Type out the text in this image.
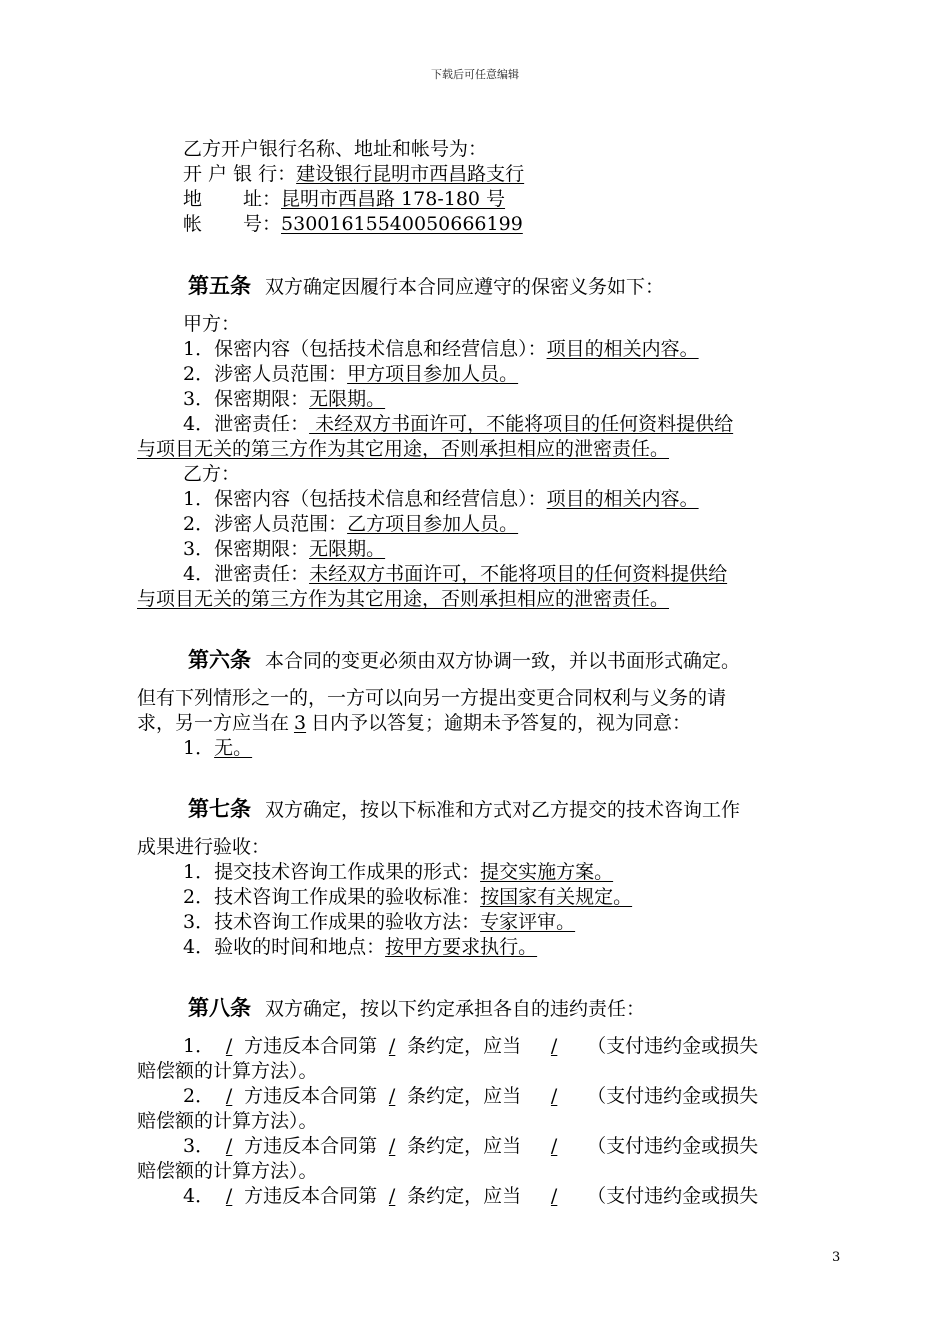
下载后可任意编辑
乙方开户银行名称、地址和帐号为：
开 户 银 行：建设银行昆明市西昌路支行
地 址：昆明市西昌路 178-180 号
帐 号：53001615540050666199
第五条 双方确定因履行本合同应遵守的保密义务如下：
甲方：
1．保密内容（包括技术信息和经营信息）：项目的相关内容。
2．涉密人员范围：甲方项目参加人员。
3．保密期限：无限期。
4．泄密责任： 未经双方书面许可，不能将项目的任何资料提供给
与项目无关的第三方作为其它用途，否则承担相应的泄密责任。
乙方：
1．保密内容（包括技术信息和经营信息）：项目的相关内容。
2．涉密人员范围：乙方项目参加人员。
3．保密期限：无限期。
4．泄密责任：未经双方书面许可，不能将项目的任何资料提供给
与项目无关的第三方作为其它用途，否则承担相应的泄密责任。
第六条 本合同的变更必须由双方协调一致，并以书面形式确定。
但有下列情形之一的，一方可以向另一方提出变更合同权利与义务的请
求，另一方应当在 3 日内予以答复；逾期未予答复的，视为同意：
1．无。
第七条 双方确定，按以下标准和方式对乙方提交的技术咨询工作
成果进行验收：
1．提交技术咨询工作成果的形式：提交实施方案。
2．技术咨询工作成果的验收标准：按国家有关规定。
3．技术咨询工作成果的验收方法：专家评审。
4．验收的时间和地点：按甲方要求执行。
第八条 双方确定，按以下约定承担各自的违约责任：
1． / 方违反本合同第 / 条约定，应当 / （支付违约金或损失
赔偿额的计算方法）。
2． / 方违反本合同第 / 条约定，应当 / （支付违约金或损失
赔偿额的计算方法）。
3． / 方违反本合同第 / 条约定，应当 / （支付违约金或损失
赔偿额的计算方法）。
4． / 方违反本合同第 / 条约定，应当 / （支付违约金或损失
3
